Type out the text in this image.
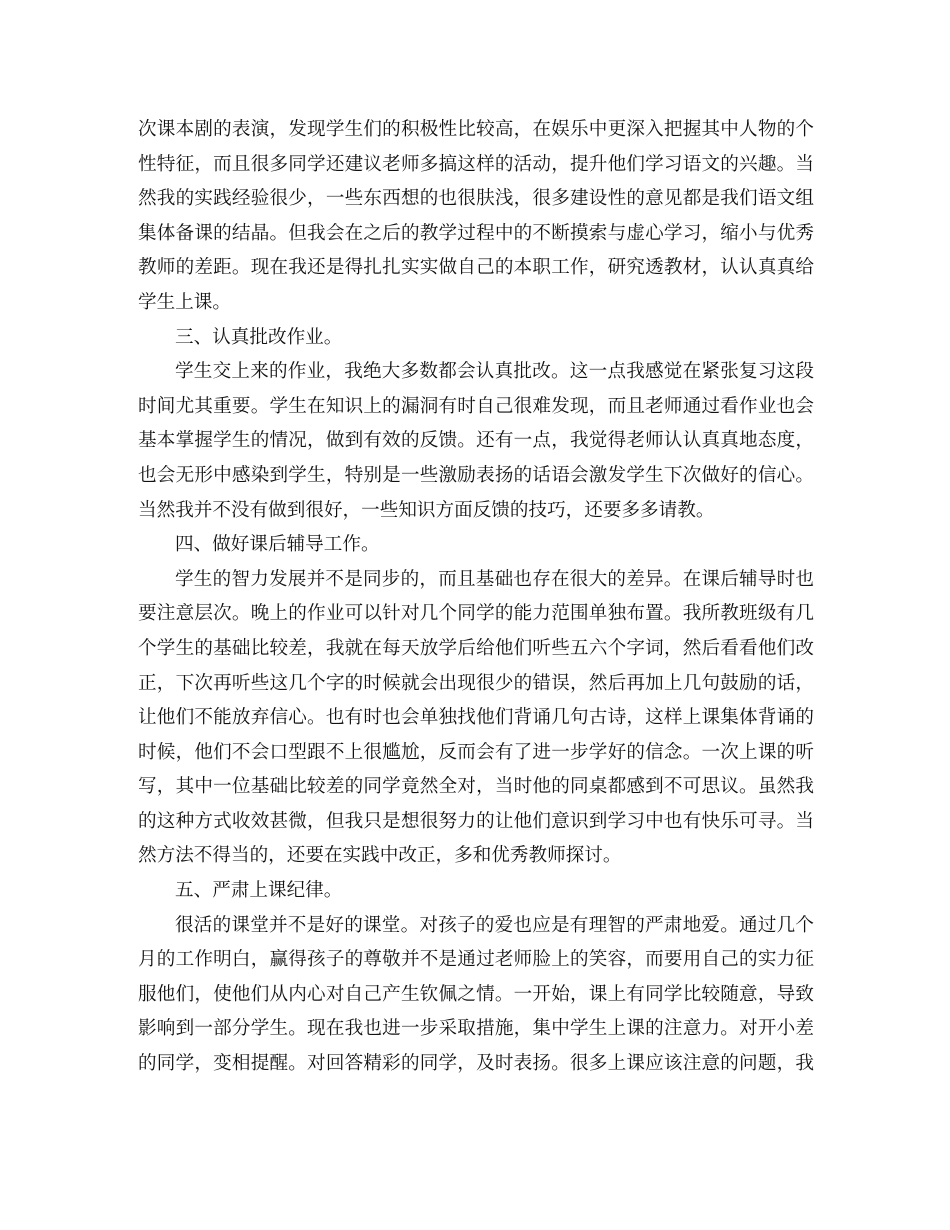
次课本剧的表演，发现学生们的积极性比较高，在娱乐中更深入把握其中人物的个
性特征，而且很多同学还建议老师多搞这样的活动，提升他们学习语文的兴趣。当
然我的实践经验很少，一些东西想的也很肤浅，很多建设性的意见都是我们语文组
集体备课的结晶。但我会在之后的教学过程中的不断摸索与虚心学习，缩小与优秀
教师的差距。现在我还是得扎扎实实做自己的本职工作，研究透教材，认认真真给
学生上课。
三、认真批改作业。
学生交上来的作业，我绝大多数都会认真批改。这一点我感觉在紧张复习这段
时间尤其重要。学生在知识上的漏洞有时自己很难发现，而且老师通过看作业也会
基本掌握学生的情况，做到有效的反馈。还有一点，我觉得老师认认真真地态度，
也会无形中感染到学生，特别是一些激励表扬的话语会激发学生下次做好的信心。
当然我并不没有做到很好，一些知识方面反馈的技巧，还要多多请教。
四、做好课后辅导工作。
学生的智力发展并不是同步的，而且基础也存在很大的差异。在课后辅导时也
要注意层次。晚上的作业可以针对几个同学的能力范围单独布置。我所教班级有几
个学生的基础比较差，我就在每天放学后给他们听些五六个字词，然后看看他们改
正，下次再听些这几个字的时候就会出现很少的错误，然后再加上几句鼓励的话，
让他们不能放弃信心。也有时也会单独找他们背诵几句古诗，这样上课集体背诵的
时候，他们不会口型跟不上很尴尬，反而会有了进一步学好的信念。一次上课的听
写，其中一位基础比较差的同学竟然全对，当时他的同桌都感到不可思议。虽然我
的这种方式收效甚微，但我只是想很努力的让他们意识到学习中也有快乐可寻。当
然方法不得当的，还要在实践中改正，多和优秀教师探讨。
五、严肃上课纪律。
很活的课堂并不是好的课堂。对孩子的爱也应是有理智的严肃地爱。通过几个
月的工作明白，赢得孩子的尊敬并不是通过老师脸上的笑容，而要用自己的实力征
服他们，使他们从内心对自己产生钦佩之情。一开始，课上有同学比较随意，导致
影响到一部分学生。现在我也进一步采取措施，集中学生上课的注意力。对开小差
的同学，变相提醒。对回答精彩的同学，及时表扬。很多上课应该注意的问题，我
